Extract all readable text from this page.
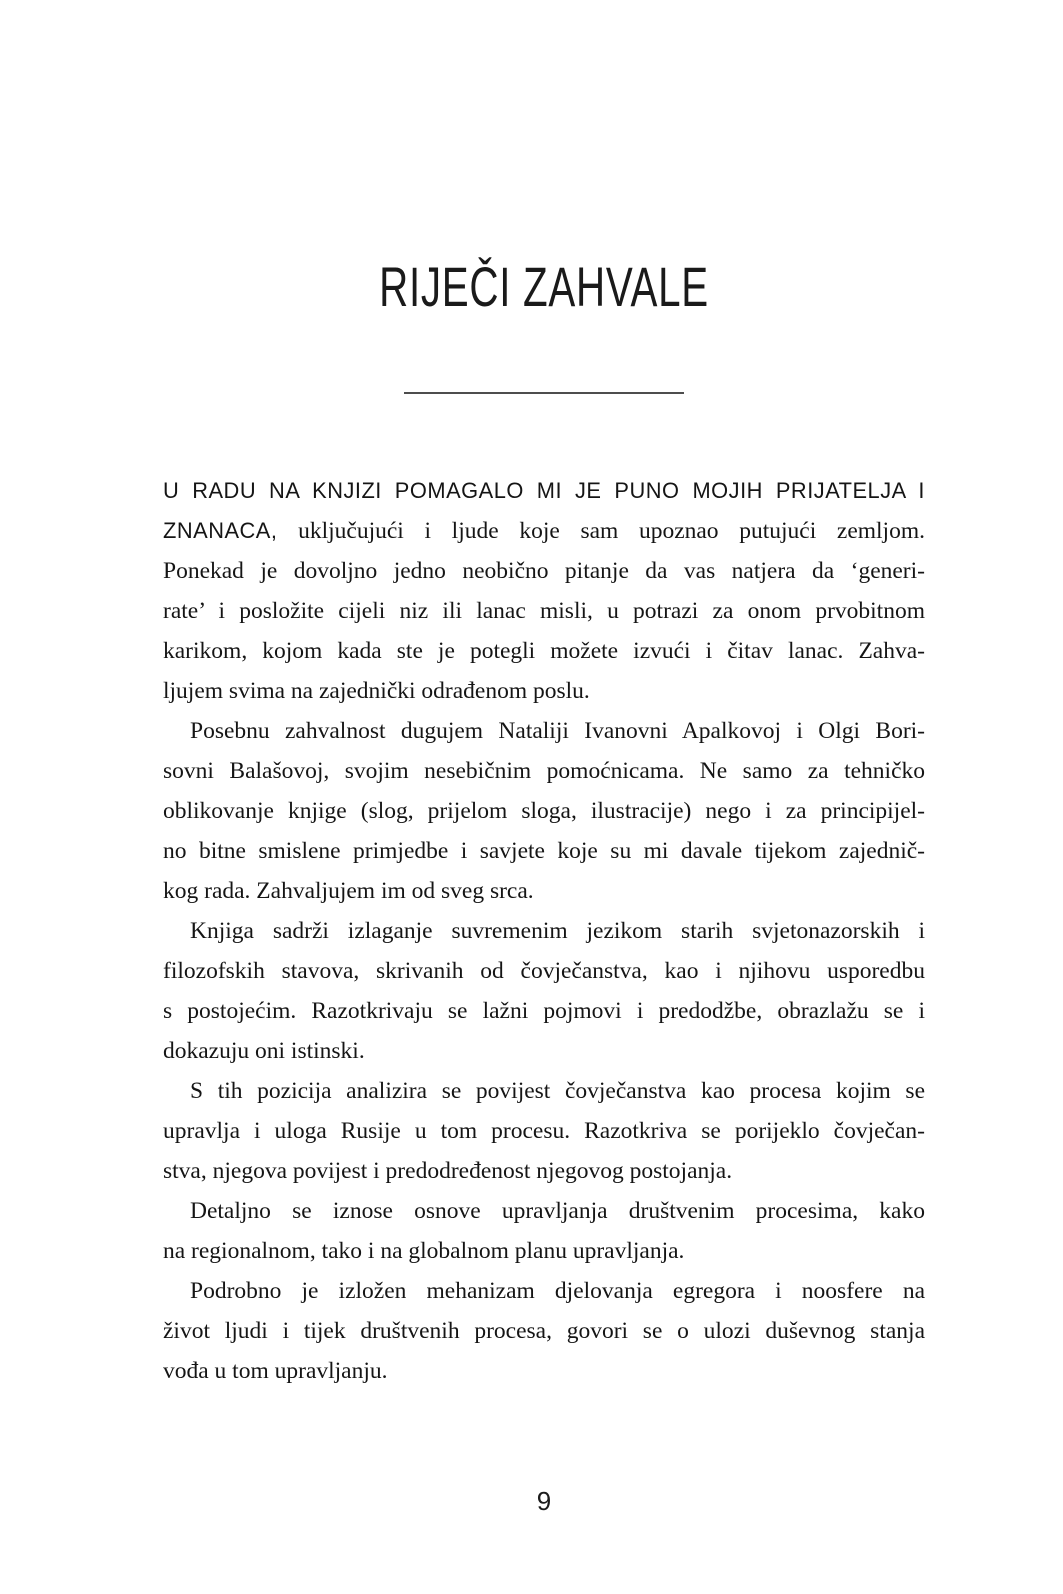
RIJEČI ZAHVALE
U RADU NA KNJIZI POMAGALO MI JE PUNO MOJIH PRIJATELJA I
ZNANACA, uključujući i ljude koje sam upoznao putujući zemljom.
Ponekad je dovoljno jedno neobično pitanje da vas natjera da ‘generi-
rate’ i posložite cijeli niz ili lanac misli, u potrazi za onom prvobitnom
karikom, kojom kada ste je potegli možete izvući i čitav lanac. Zahva-
ljujem svima na zajednički odrađenom poslu.
Posebnu zahvalnost dugujem Nataliji Ivanovni Apalkovoj i Olgi Bori-
sovni Balašovoj, svojim nesebičnim pomoćnicama. Ne samo za tehničko
oblikovanje knjige (slog, prijelom sloga, ilustracije) nego i za principijel-
no bitne smislene primjedbe i savjete koje su mi davale tijekom zajednič-
kog rada. Zahvaljujem im od sveg srca.
Knjiga sadrži izlaganje suvremenim jezikom starih svjetonazorskih i
filozofskih stavova, skrivanih od čovječanstva, kao i njihovu usporedbu
s postojećim. Razotkrivaju se lažni pojmovi i predodžbe, obrazlažu se i
dokazuju oni istinski.
S tih pozicija analizira se povijest čovječanstva kao procesa kojim se
upravlja i uloga Rusije u tom procesu. Razotkriva se porijeklo čovječan-
stva, njegova povijest i predodređenost njegovog postojanja.
Detaljno se iznose osnove upravljanja društvenim procesima, kako
na regionalnom, tako i na globalnom planu upravljanja.
Podrobno je izložen mehanizam djelovanja egregora i noosfere na
život ljudi i tijek društvenih procesa, govori se o ulozi duševnog stanja
vođa u tom upravljanju.
9
